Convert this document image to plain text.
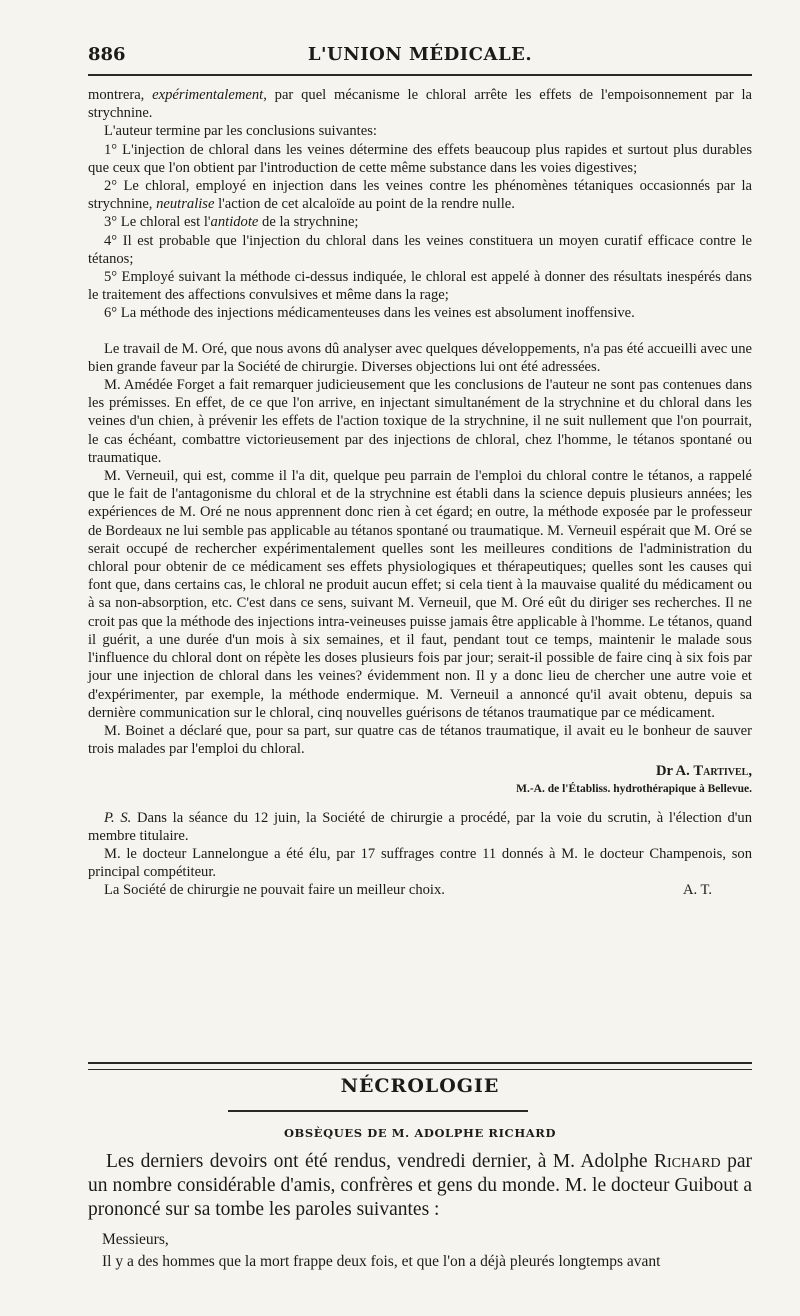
886	L'UNION MÉDICALE.

montrera, expérimentalement, par quel mécanisme le chloral arrête les effets de l'empoisonnement par la strychnine.

L'auteur termine par les conclusions suivantes:

1° L'injection de chloral dans les veines détermine des effets beaucoup plus rapides et surtout plus durables que ceux que l'on obtient par l'introduction de cette même substance dans les voies digestives;

2° Le chloral, employé en injection dans les veines contre les phénomènes tétaniques occasionnés par la strychnine, neutralise l'action de cet alcaloïde au point de la rendre nulle.

3° Le chloral est l'antidote de la strychnine;

4° Il est probable que l'injection du chloral dans les veines constituera un moyen curatif efficace contre le tétanos;

5° Employé suivant la méthode ci-dessus indiquée, le chloral est appelé à donner des résultats inespérés dans le traitement des affections convulsives et même dans la rage;

6° La méthode des injections médicamenteuses dans les veines est absolument inoffensive.

Le travail de M. Oré, que nous avons dû analyser avec quelques développements, n'a pas été accueilli avec une bien grande faveur par la Société de chirurgie. Diverses objections lui ont été adressées.

M. Amédée Forget a fait remarquer judicieusement que les conclusions de l'auteur ne sont pas contenues dans les prémisses. En effet, de ce que l'on arrive, en injectant simultanément de la strychnine et du chloral dans les veines d'un chien, à prévenir les effets de l'action toxique de la strychnine, il ne suit nullement que l'on pourrait, le cas échéant, combattre victorieusement par des injections de chloral, chez l'homme, le tétanos spontané ou traumatique.

M. Verneuil, qui est, comme il l'a dit, quelque peu parrain de l'emploi du chloral contre le tétanos, a rappelé que le fait de l'antagonisme du chloral et de la strychnine est établi dans la science depuis plusieurs années; les expériences de M. Oré ne nous apprennent donc rien à cet égard; en outre, la méthode exposée par le professeur de Bordeaux ne lui semble pas applicable au tétanos spontané ou traumatique. M. Verneuil espérait que M. Oré se serait occupé de rechercher expérimentalement quelles sont les meilleures conditions de l'administration du chloral pour obtenir de ce médicament ses effets physiologiques et thérapeutiques; quelles sont les causes qui font que, dans certains cas, le chloral ne produit aucun effet; si cela tient à la mauvaise qualité du médicament ou à sa non-absorption, etc. C'est dans ce sens, suivant M. Verneuil, que M. Oré eût du diriger ses recherches. Il ne croit pas que la méthode des injections intra-veineuses puisse jamais être applicable à l'homme. Le tétanos, quand il guérit, a une durée d'un mois à six semaines, et il faut, pendant tout ce temps, maintenir le malade sous l'influence du chloral dont on répète les doses plusieurs fois par jour; serait-il possible de faire cinq à six fois par jour une injection de chloral dans les veines? évidemment non. Il y a donc lieu de chercher une autre voie et d'expérimenter, par exemple, la méthode endermique. M. Verneuil a annoncé qu'il avait obtenu, depuis sa dernière communication sur le chloral, cinq nouvelles guérisons de tétanos traumatique par ce médicament.

M. Boinet a déclaré que, pour sa part, sur quatre cas de tétanos traumatique, il avait eu le bonheur de sauver trois malades par l'emploi du chloral.

Dr A. Tartivel,

M.-A. de l'Établiss. hydrothérapique à Bellevue.

P. S. Dans la séance du 12 juin, la Société de chirurgie a procédé, par la voie du scrutin, à l'élection d'un membre titulaire.

M. le docteur Lannelongue a été élu, par 17 suffrages contre 11 donnés à M. le docteur Champenois, son principal compétiteur.

La Société de chirurgie ne pouvait faire un meilleur choix.	A. T.

NÉCROLOGIE
OBSÈQUES DE M. ADOLPHE RICHARD

Les derniers devoirs ont été rendus, vendredi dernier, à M. Adolphe Richard par un nombre considérable d'amis, confrères et gens du monde. M. le docteur Guibout a prononcé sur sa tombe les paroles suivantes :

Messieurs,

Il y a des hommes que la mort frappe deux fois, et que l'on a déjà pleurés longtemps avant
